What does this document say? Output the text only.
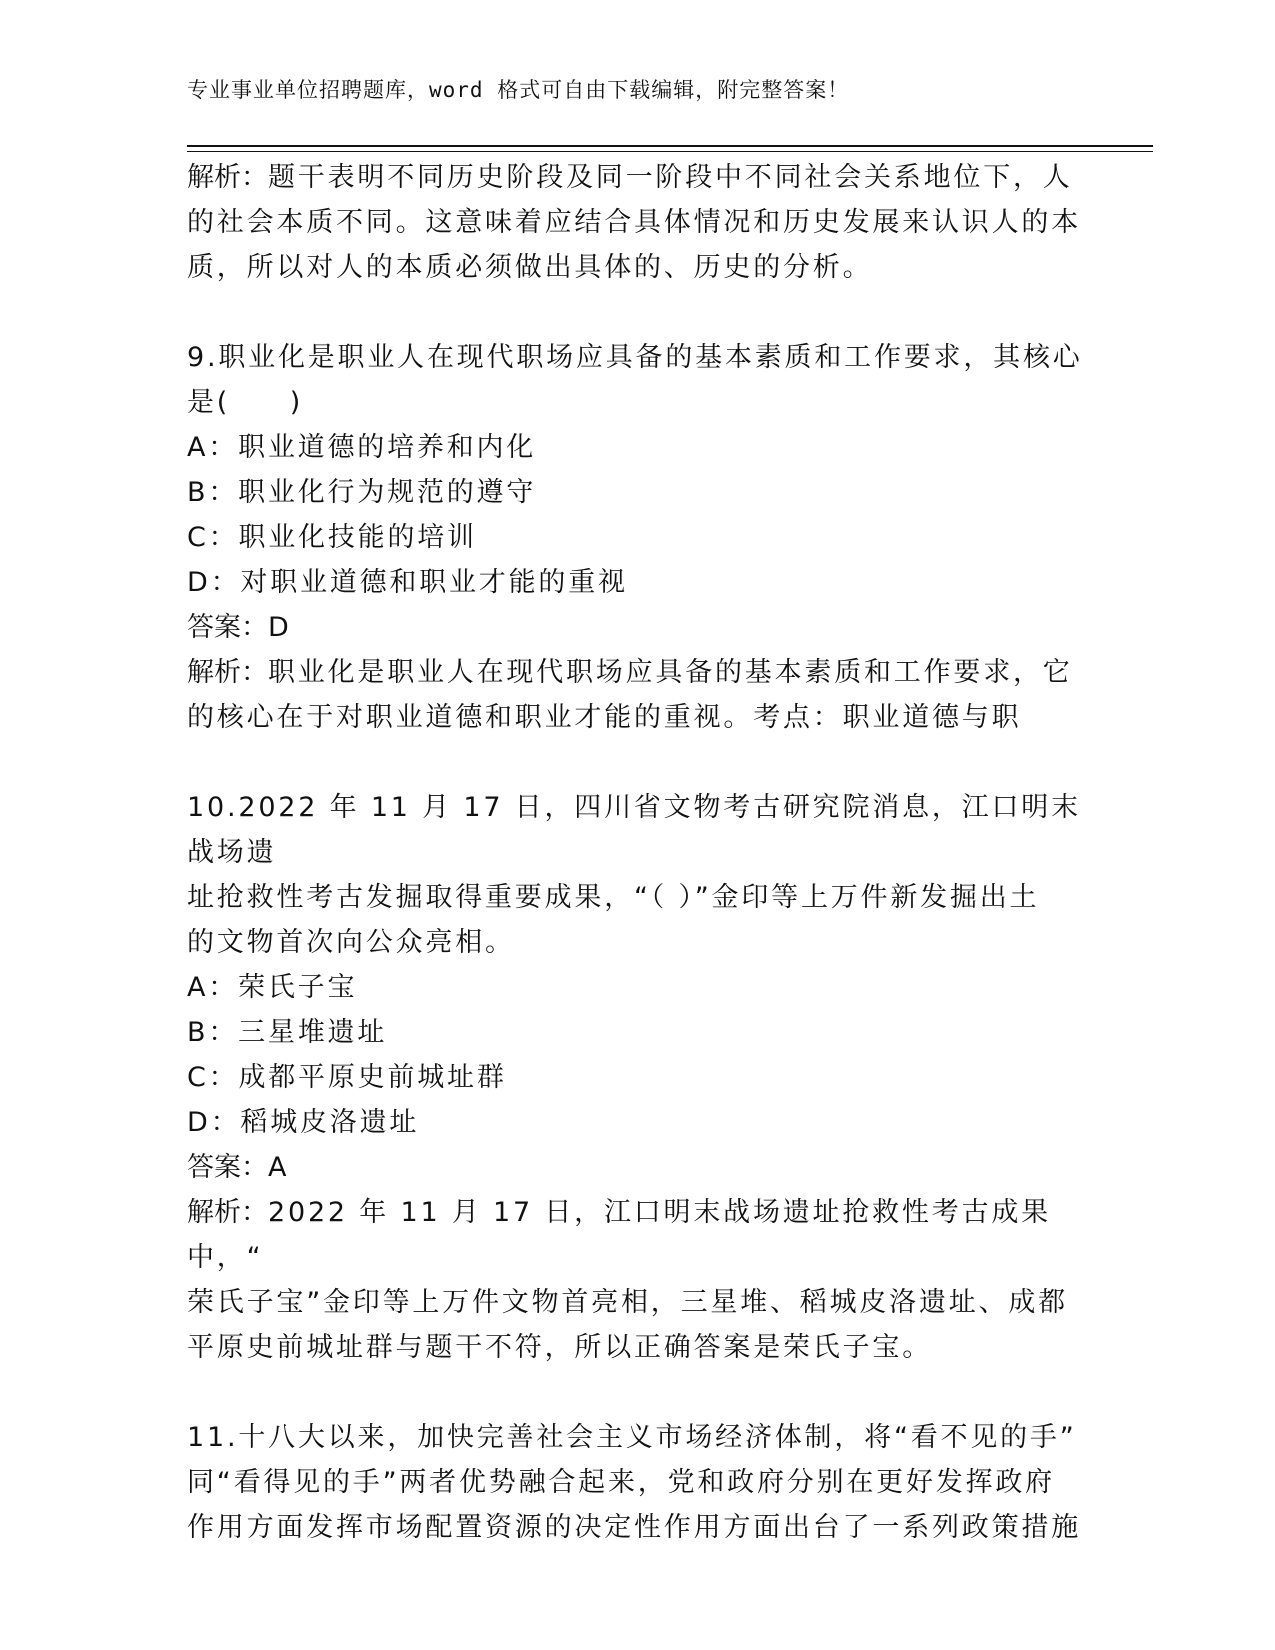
专业事业单位招聘题库，word 格式可自由下载编辑，附完整答案！

解析：题干表明不同历史阶段及同一阶段中不同社会关系地位下，人

的社会本质不同。这意味着应结合具体情况和历史发展来认识人的本

质，所以对人的本质必须做出具体的、历史的分析。

9.职业化是职业人在现代职场应具备的基本素质和工作要求，其核心

是(　　)

A：职业道德的培养和内化

B：职业化行为规范的遵守

C：职业化技能的培训

D：对职业道德和职业才能的重视

答案：D

解析：职业化是职业人在现代职场应具备的基本素质和工作要求，它

的核心在于对职业道德和职业才能的重视。考点：职业道德与职

10.2022 年 11 月 17 日，四川省文物考古研究院消息，江口明末战场遗

址抢救性考古发掘取得重要成果，“（ ）”金印等上万件新发掘出土

的文物首次向公众亮相。

A：荣氏子宝

B：三星堆遗址

C：成都平原史前城址群

D：稻城皮洛遗址

答案：A

解析：2022 年 11 月 17 日，江口明末战场遗址抢救性考古成果中，“

荣氏子宝”金印等上万件文物首亮相，三星堆、稻城皮洛遗址、成都

平原史前城址群与题干不符，所以正确答案是荣氏子宝。

11.十八大以来，加快完善社会主义市场经济体制，将“看不见的手”

同“看得见的手”两者优势融合起来，党和政府分别在更好发挥政府

作用方面发挥市场配置资源的决定性作用方面出台了一系列政策措施
